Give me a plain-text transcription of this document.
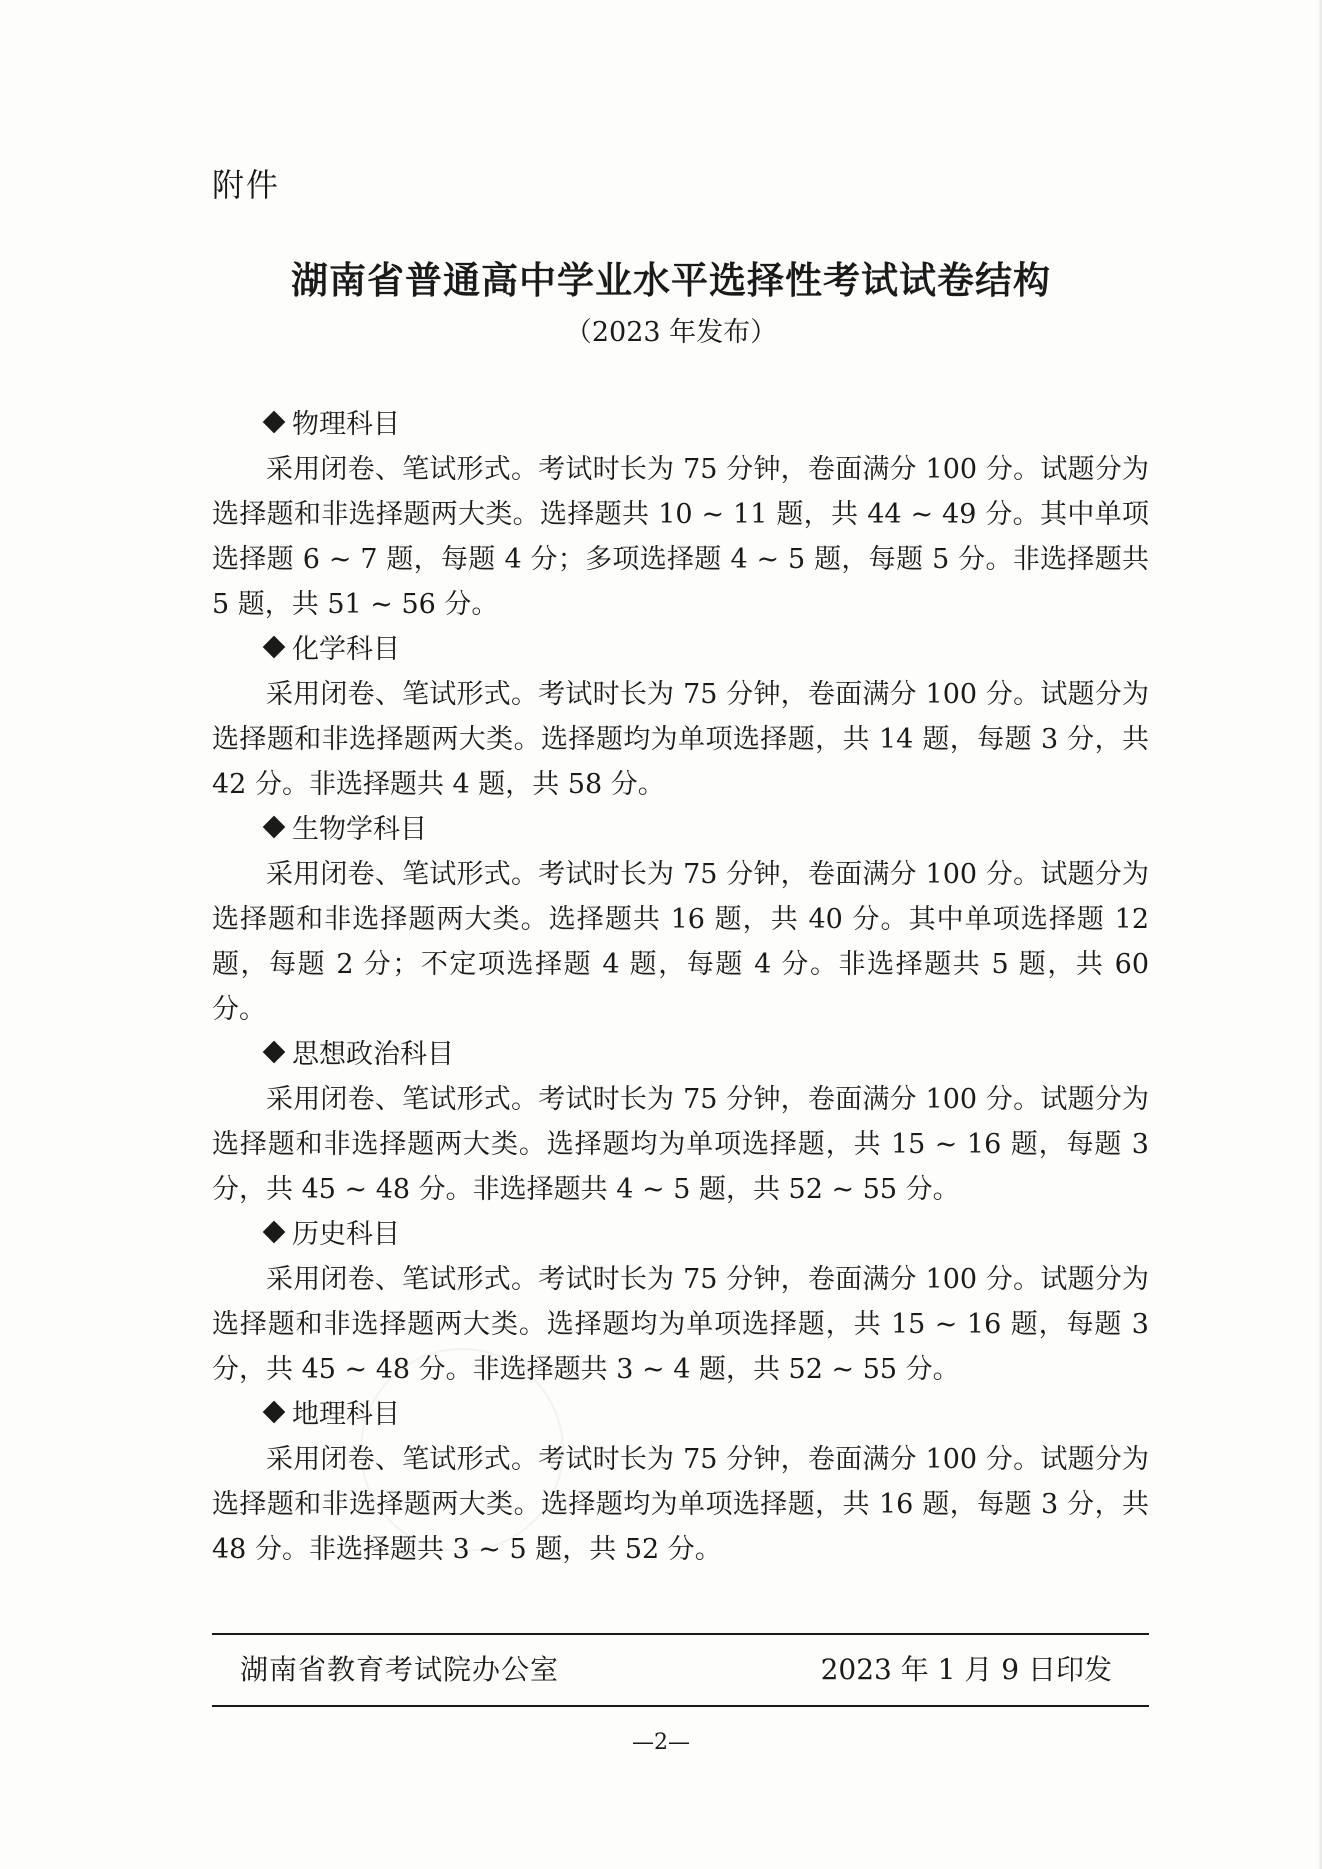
附件
湖南省普通高中学业水平选择性考试试卷结构
（2023 年发布）
物理科目

采用闭卷、笔试形式。考试时长为 75 分钟，卷面满分 100 分。试题分为选择题和非选择题两大类。选择题共 10 ~ 11 题，共 44 ~ 49 分。其中单项选择题 6 ~ 7 题，每题 4 分；多项选择题 4 ~ 5 题，每题 5 分。非选择题共 5 题，共 51 ~ 56 分。

化学科目

采用闭卷、笔试形式。考试时长为 75 分钟，卷面满分 100 分。试题分为选择题和非选择题两大类。选择题均为单项选择题，共 14 题，每题 3 分，共 42 分。非选择题共 4 题，共 58 分。

生物学科目

采用闭卷、笔试形式。考试时长为 75 分钟，卷面满分 100 分。试题分为选择题和非选择题两大类。选择题共 16 题，共 40 分。其中单项选择题 12 题，每题 2 分；不定项选择题 4 题，每题 4 分。非选择题共 5 题，共 60 分。

思想政治科目

采用闭卷、笔试形式。考试时长为 75 分钟，卷面满分 100 分。试题分为选择题和非选择题两大类。选择题均为单项选择题，共 15 ~ 16 题，每题 3 分，共 45 ~ 48 分。非选择题共 4 ~ 5 题，共 52 ~ 55 分。

历史科目

采用闭卷、笔试形式。考试时长为 75 分钟，卷面满分 100 分。试题分为选择题和非选择题两大类。选择题均为单项选择题，共 15 ~ 16 题，每题 3 分，共 45 ~ 48 分。非选择题共 3 ~ 4 题，共 52 ~ 55 分。

地理科目

采用闭卷、笔试形式。考试时长为 75 分钟，卷面满分 100 分。试题分为选择题和非选择题两大类。选择题均为单项选择题，共 16 题，每题 3 分，共 48 分。非选择题共 3 ~ 5 题，共 52 分。

湖南省教育考试院办公室	2023 年 1 月 9 日印发
—2—
